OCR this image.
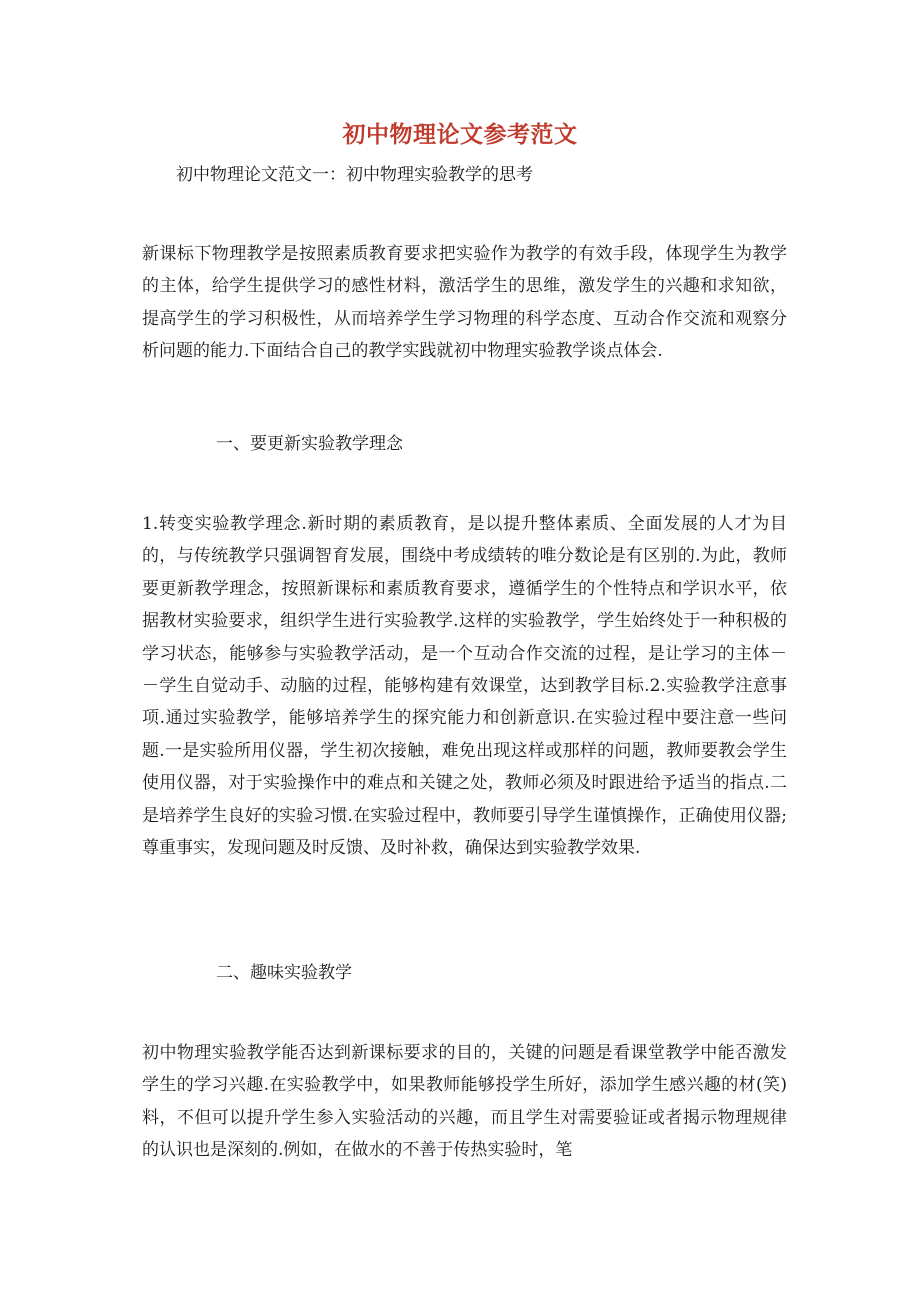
初中物理论文参考范文
初中物理论文范文一：初中物理实验教学的思考
新课标下物理教学是按照素质教育要求把实验作为教学的有效手段，体现学生为教学的主体，给学生提供学习的感性材料，激活学生的思维，激发学生的兴趣和求知欲，提高学生的学习积极性，从而培养学生学习物理的科学态度、互动合作交流和观察分析问题的能力.下面结合自己的教学实践就初中物理实验教学谈点体会.
一、要更新实验教学理念
1.转变实验教学理念.新时期的素质教育，是以提升整体素质、全面发展的人才为目的，与传统教学只强调智育发展，围绕中考成绩转的唯分数论是有区别的.为此，教师要更新教学理念，按照新课标和素质教育要求，遵循学生的个性特点和学识水平，依据教材实验要求，组织学生进行实验教学.这样的实验教学，学生始终处于一种积极的学习状态，能够参与实验教学活动，是一个互动合作交流的过程，是让学习的主体－－学生自觉动手、动脑的过程，能够构建有效课堂，达到教学目标.2.实验教学注意事项.通过实验教学，能够培养学生的探究能力和创新意识.在实验过程中要注意一些问题.一是实验所用仪器，学生初次接触，难免出现这样或那样的问题，教师要教会学生使用仪器，对于实验操作中的难点和关键之处，教师必须及时跟进给予适当的指点.二是培养学生良好的实验习惯.在实验过程中，教师要引导学生谨慎操作，正确使用仪器;尊重事实，发现问题及时反馈、及时补救，确保达到实验教学效果.
二、趣味实验教学
初中物理实验教学能否达到新课标要求的目的，关键的问题是看课堂教学中能否激发学生的学习兴趣.在实验教学中，如果教师能够投学生所好，添加学生感兴趣的材(笑)料，不但可以提升学生参入实验活动的兴趣，而且学生对需要验证或者揭示物理规律的认识也是深刻的.例如，在做水的不善于传热实验时，笔
